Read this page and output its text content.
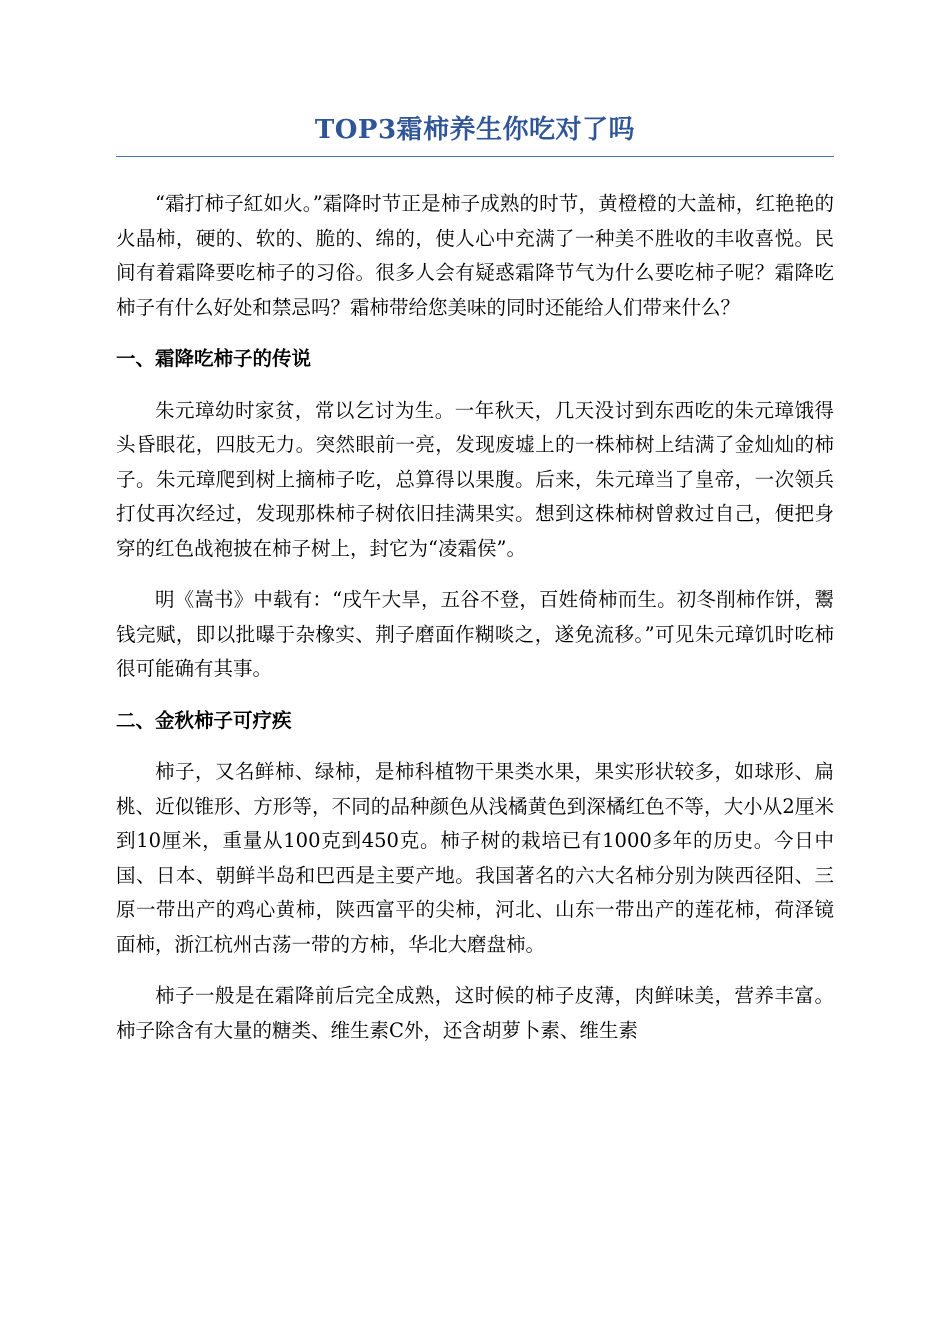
TOP3霜柿养生你吃对了吗

“霜打柿子紅如火。”霜降时节正是柿子成熟的时节，黄橙橙的大盖柿，红艳艳的火晶柿，硬的、软的、脆的、绵的，使人心中充满了一种美不胜收的丰收喜悦。民间有着霜降要吃柿子的习俗。很多人会有疑惑霜降节气为什么要吃柿子呢？霜降吃柿子有什么好处和禁忌吗？霜柿带给您美味的同时还能给人们带来什么？

一、霜降吃柿子的传说

朱元璋幼时家贫，常以乞讨为生。一年秋天，几天没讨到东西吃的朱元璋饿得头昏眼花，四肢无力。突然眼前一亮，发现废墟上的一株柿树上结满了金灿灿的柿子。朱元璋爬到树上摘柿子吃，总算得以果腹。后来，朱元璋当了皇帝，一次领兵打仗再次经过，发现那株柿子树依旧挂满果实。想到这株柿树曾救过自己，便把身穿的红色战袍披在柿子树上，封它为“凌霜侯”。

明《嵩书》中载有：“戌午大旱，五谷不登，百姓倚柿而生。初冬削柿作饼，鬻钱完赋，即以批曝于杂橡实、荆子磨面作糊啖之，遂免流移。”可见朱元璋饥时吃柿很可能确有其事。

二、金秋柿子可疗疾

柿子，又名鲜柿、绿柿，是柿科植物干果类水果，果实形状较多，如球形、扁桃、近似锥形、方形等，不同的品种颜色从浅橘黄色到深橘红色不等，大小从2厘米到10厘米，重量从100克到450克。柿子树的栽培已有1000多年的历史。今日中国、日本、朝鲜半岛和巴西是主要产地。我国著名的六大名柿分别为陕西径阳、三原一带出产的鸡心黄柿，陕西富平的尖柿，河北、山东一带出产的莲花柿，荷泽镜面柿，浙江杭州古荡一带的方柿，华北大磨盘柿。

柿子一般是在霜降前后完全成熟，这时候的柿子皮薄，肉鲜味美，营养丰富。柿子除含有大量的糖类、维生素C外，还含胡萝卜素、维生素
